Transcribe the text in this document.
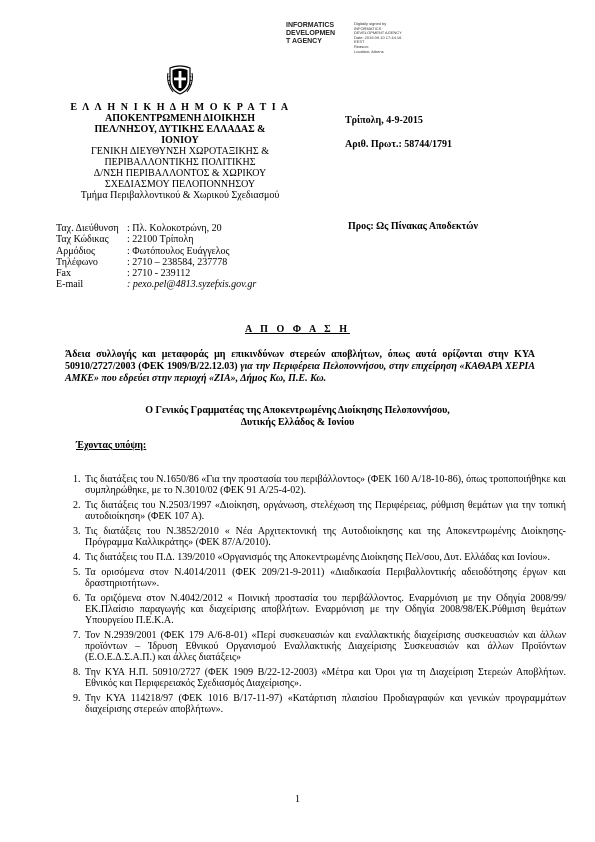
INFORMATICS
DEVELOPMEN
T AGENCY
Digitally signed by
INFORMATICS
DEVELOPMENT AGENCY
Date: 2015.09.10 17:44:16
EEST
Reason:
Location: Athens
Ε Λ Λ Η Ν Ι Κ Η Δ Η Μ Ο Κ Ρ Α Τ Ι Α
ΑΠΟΚΕΝΤΡΩΜΕΝΗ ΔΙΟΙΚΗΣΗ
ΠΕΛ/ΝΗΣΟΥ, ΔΥΤΙΚΗΣ ΕΛΛΑΔΑΣ &
ΙΟΝΙΟΥ
ΓΕΝΙΚΗ ΔΙΕΥΘΥΝΣΗ ΧΩΡΟΤΑΞΙΚΗΣ &
ΠΕΡΙΒΑΛΛΟΝΤΙΚΗΣ ΠΟΛΙΤΙΚΗΣ
Δ/ΝΣΗ ΠΕΡΙΒΑΛΛΟΝΤΟΣ & ΧΩΡΙΚΟΥ
ΣΧΕΔΙΑΣΜΟΥ ΠΕΛΟΠΟΝΝΗΣΟΥ
Τμήμα Περιβαλλοντικού & Χωρικού Σχεδιασμού
Ταχ. Διεύθυνση : Πλ. Κολοκοτρώνη, 20
Ταχ Κώδικας : 22100 Τρίπολη
Αρμόδιος	: Φωτόπουλος Ευάγγελος
Τηλέφωνο	: 2710 – 238584, 237778
Fax	: 2710 - 239112
E-mail	: pexo.pel@4813.syzefxis.gov.gr
Τρίπολη, 4-9-2015
Αριθ. Πρωτ.: 58744/1791
Προς: Ως Πίνακας Αποδεκτών
Α Π Ο Φ Α Σ Η
Άδεια συλλογής και μεταφοράς μη επικινδύνων στερεών αποβλήτων, όπως αυτά ορίζονται στην ΚΥΑ 50910/2727/2003 (ΦΕΚ 1909/Β/22.12.03) για την Περιφέρεια Πελοποννήσου, στην επιχείρηση «ΚΑΘΑΡΑ ΧΕΡΙΑ ΑΜΚΕ» που εδρεύει στην περιοχή «ΖΙΑ», Δήμος Κω, Π.Ε. Κω.
Ο Γενικός Γραμματέας της Αποκεντρωμένης Διοίκησης Πελοποννήσου,
Δυτικής Ελλάδος & Ιονίου
Έχοντας υπόψη:
1. Τις διατάξεις του Ν.1650/86 «Για την προστασία του περιβάλλοντος» (ΦΕΚ 160 Α/18-10-86), όπως τροποποιήθηκε και συμπληρώθηκε, με το Ν.3010/02 (ΦΕΚ 91 Α/25-4-02).
2. Τις διατάξεις του Ν.2503/1997 «Διοίκηση, οργάνωση, στελέχωση της Περιφέρειας, ρύθμιση θεμάτων για την τοπική αυτοδιοίκηση» (ΦΕΚ 107 Α).
3. Τις διατάξεις του Ν.3852/2010 « Νέα Αρχιτεκτονική της Αυτοδιοίκησης και της Αποκεντρωμένης Διοίκησης-Πρόγραμμα Καλλικράτης» (ΦΕΚ 87/Α/2010).
4. Τις διατάξεις του Π.Δ. 139/2010 «Οργανισμός της Αποκεντρωμένης Διοίκησης Πελ/σου, Δυτ. Ελλάδας και Ιονίου».
5. Τα ορισόμενα στον Ν.4014/2011 (ΦΕΚ 209/21-9-2011) «Διαδικασία Περιβαλλοντικής αδειοδότησης έργων και δραστηριοτήτων».
6. Τα οριζόμενα στον Ν.4042/2012 « Ποινική προστασία του περιβάλλοντος. Εναρμόνιση με την Οδηγία 2008/99/ΕΚ.Πλαίσιο παραγωγής και διαχείρισης αποβλήτων. Εναρμόνιση με την Οδηγία 2008/98/ΕΚ.Ρύθμιση θεμάτων Υπουργείου Π.Ε.Κ.Α.
7. Τον Ν.2939/2001 (ΦΕΚ 179 Α/6-8-01) «Περί συσκευασιών και εναλλακτικής διαχείρισης συσκευασιών και άλλων προϊόντων – Ίδρυση Εθνικού Οργανισμού Εναλλακτικής Διαχείρισης Συσκευασιών και άλλων Προϊόντων (Ε.Ο.Ε.Δ.Σ.Α.Π.) και άλλες διατάξεις»
8. Την ΚΥΑ Η.Π. 50910/2727 (ΦΕΚ 1909 Β/22-12-2003) «Μέτρα και Όροι για τη Διαχείριση Στερεών Αποβλήτων. Εθνικός και Περιφερειακός Σχεδιασμός Διαχείρισης».
9. Την ΚΥΑ 114218/97 (ΦΕΚ 1016 Β/17-11-97) «Κατάρτιση πλαισίου Προδιαγραφών και γενικών προγραμμάτων διαχείρισης στερεών αποβλήτων».
1
